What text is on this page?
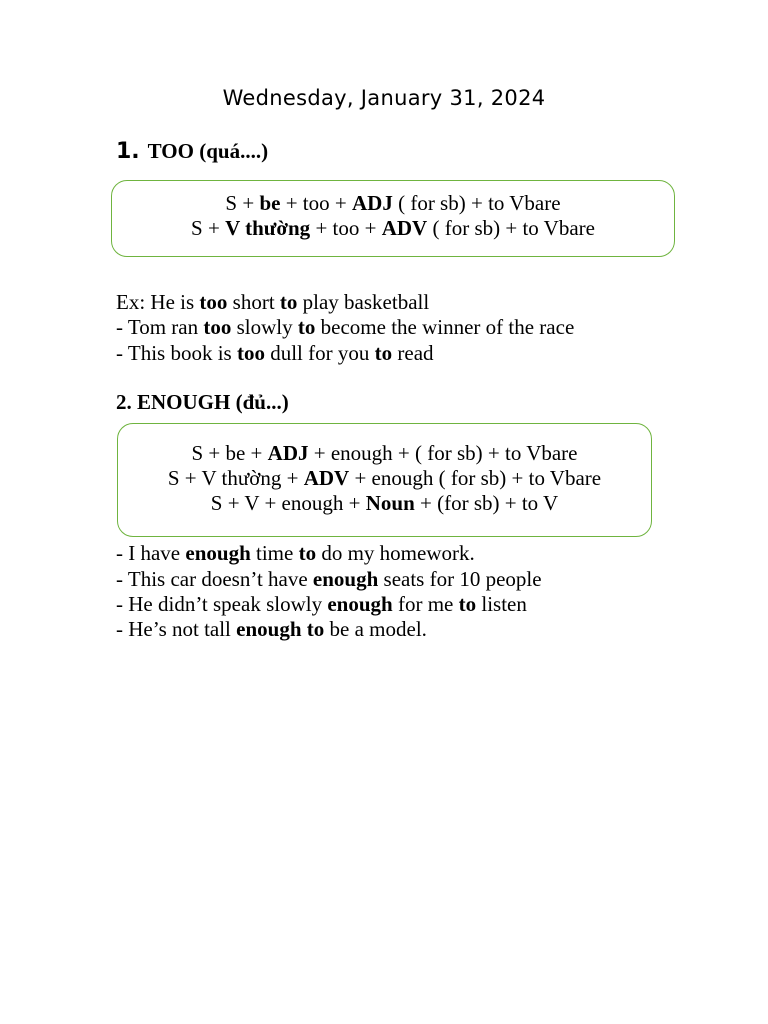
Wednesday, January 31, 2024
1. TOO (quá....)
S + be + too + ADJ ( for sb) + to Vbare
S + V thường + too + ADV ( for sb) + to Vbare
Ex: He is too short to play basketball
- Tom ran too slowly to become the winner of the race
- This book is too dull for you to read
2. ENOUGH (đủ...)
S + be + ADJ + enough + ( for sb) + to Vbare
S + V thường + ADV + enough ( for sb) + to Vbare
S + V + enough + Noun + (for sb) + to V
- I have enough time to do my homework.
- This car doesn’t have enough seats for 10 people
- He didn’t speak slowly enough for me to listen
- He’s not tall enough to be a model.
